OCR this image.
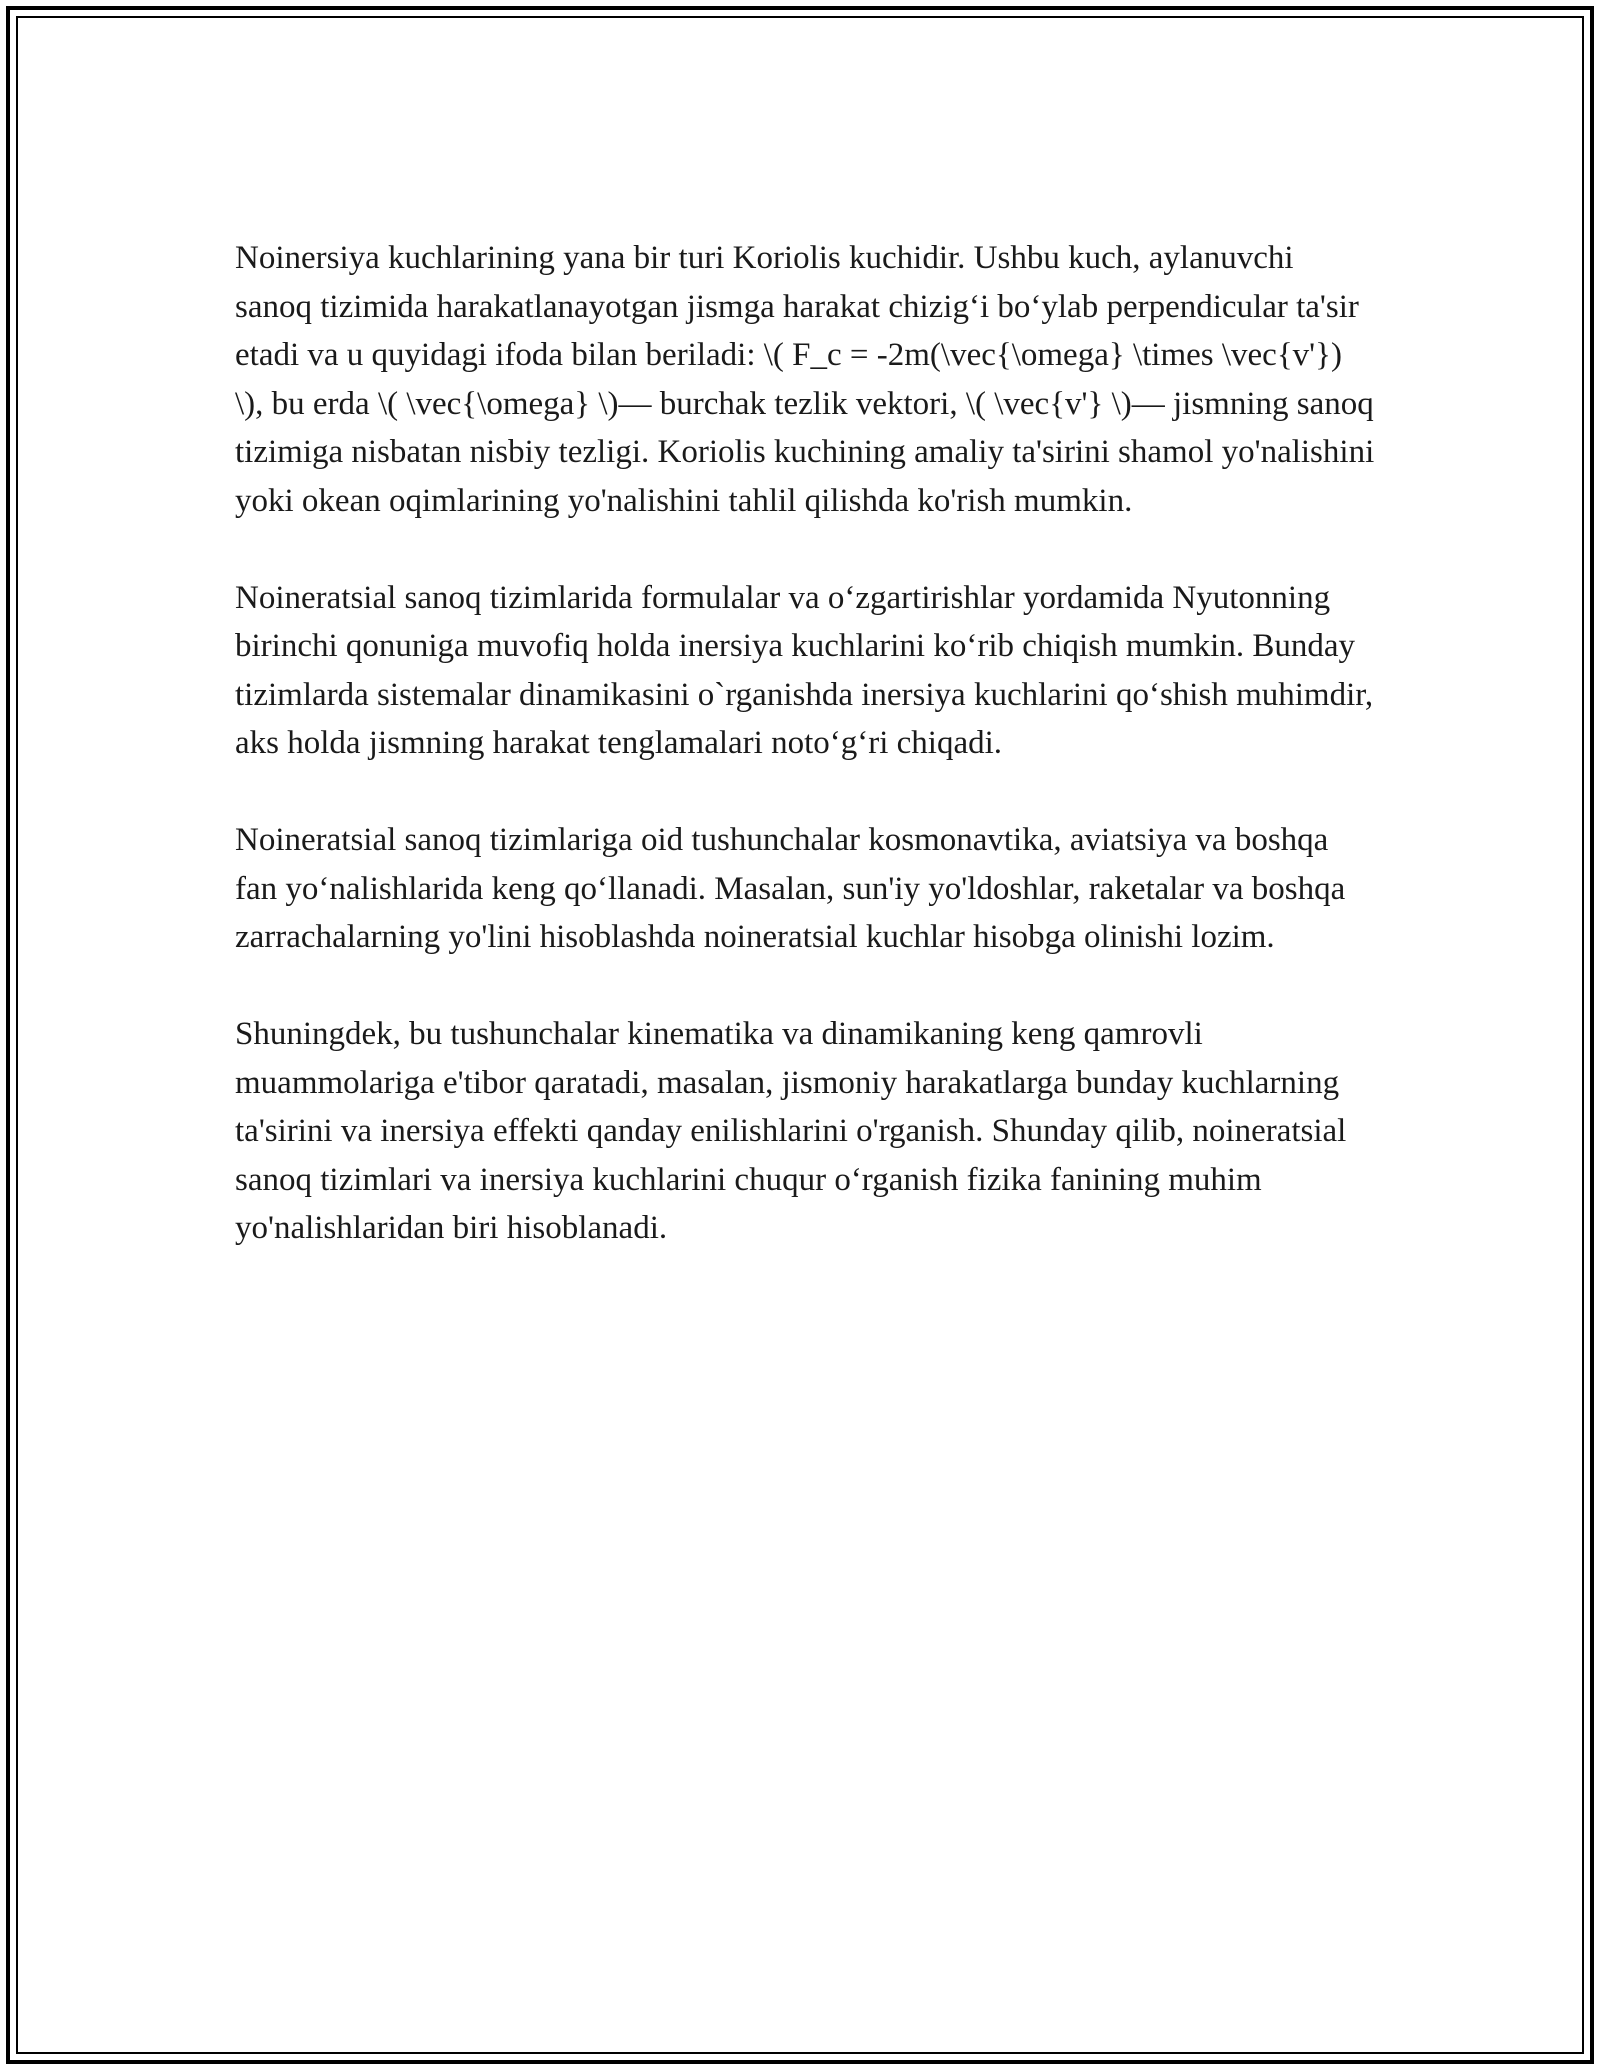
Noinersiya kuchlarining yana bir turi Koriolis kuchidir. Ushbu kuch, aylanuvchi sanoq tizimida harakatlanayotgan jismga harakat chizig‘i bo‘ylab perpendicular ta'sir etadi va u quyidagi ifoda bilan beriladi: \( F_c = -2m(\vec{\omega} \times \vec{v'}) \), bu erda \( \vec{\omega} \)— burchak tezlik vektori, \( \vec{v'} \)— jismning sanoq tizimiga nisbatan nisbiy tezligi. Koriolis kuchining amaliy ta'sirini shamol yo'nalishini yoki okean oqimlarining yo'nalishini tahlil qilishda ko'rish mumkin.

Noineratsial sanoq tizimlarida formulalar va o‘zgartirishlar yordamida Nyutonning birinchi qonuniga muvofiq holda inersiya kuchlarini ko‘rib chiqish mumkin. Bunday tizimlarda sistemalar dinamikasini o`rganishda inersiya kuchlarini qo‘shish muhimdir, aks holda jismning harakat tenglamalari noto‘g‘ri chiqadi.

Noineratsial sanoq tizimlariga oid tushunchalar kosmonavtika, aviatsiya va boshqa fan yo‘nalishlarida keng qo‘llanadi. Masalan, sun'iy yo'ldoshlar, raketalar va boshqa zarrachalarning yo'lini hisoblashda noineratsial kuchlar hisobga olinishi lozim.

Shuningdek, bu tushunchalar kinematika va dinamikaning keng qamrovli muammolariga e'tibor qaratadi, masalan, jismoniy harakatlarga bunday kuchlarning ta'sirini va inersiya effekti qanday enilishlarini o'rganish. Shunday qilib, noineratsial sanoq tizimlari va inersiya kuchlarini chuqur o‘rganish fizika fanining muhim yo'nalishlaridan biri hisoblanadi.
